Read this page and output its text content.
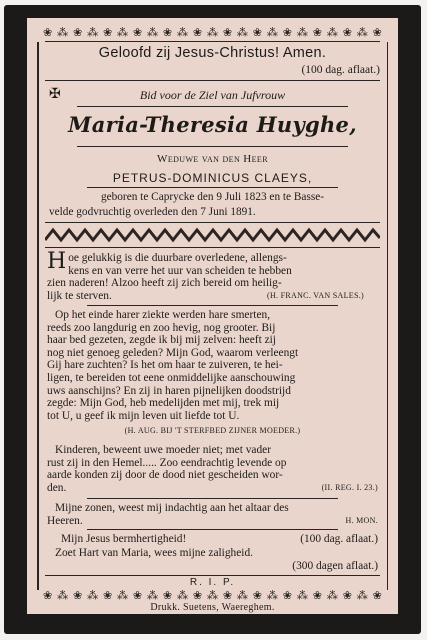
❀ ⁂ ❀ ⁂ ❀ ⁂ ❀ ⁂ ❀ ⁂ ❀ ⁂ ❀ ⁂ ❀ ⁂ ❀ ⁂ ❀ ⁂ ❀ ⁂ ❀
Geloofd zij Jesus-Christus! Amen.
(100 dag. aflaat.)
✠	Bid voor de Ziel van Jufvrouw
Maria-Theresia Huyghe,
Weduwe van den Heer
PETRUS-DOMINICUS CLAEYS,
geboren te Caprycke den 9 Juli 1823 en te Basse-
velde godvruchtig overleden den 7 Juni 1891.
H oe gelukkig is die duurbare overledene, allengs-
kens en van verre het uur van scheiden te hebben
zien naderen! Alzoo heeft zij zich bereid om heilig-
lijk te sterven.	(H. FRANC. VAN SALES.)
Op het einde harer ziekte werden hare smerten,
reeds zoo langdurig en zoo hevig, nog grooter. Bij
haar bed gezeten, zegde ik bij mij zelven: heeft zij
nog niet genoeg geleden? Mijn God, waarom verleengt
Gij hare zuchten? Is het om haar te zuiveren, te hei-
ligen, te bereiden tot eene onmiddelijke aanschouwing
uws aanschijns? En zij in haren pijnelijken doodstrijd
zegde: Mijn God, heb medelijden met mij, trek mij
tot U, u geef ik mijn leven uit liefde tot U.
(H. AUG. BIJ 'T STERFBED ZIJNER MOEDER.)
Kinderen, beweent uwe moeder niet; met vader
rust zij in den Hemel..... Zoo eendrachtig levende op
aarde konden zij door de dood niet gescheiden wor-
den.	(II. REG. I. 23.)
Mijne zonen, weest mij indachtig aan het altaar des
Heeren.	H. MON.
Mijn Jesus bermhertigheid!	(100 dag. aflaat.)
Zoet Hart van Maria, wees mijne zaligheid.
(300 dagen aflaat.)
R. I. P.
❀ ⁂ ❀ ⁂ ❀ ⁂ ❀ ⁂ ❀ ⁂ ❀ ⁂ ❀ ⁂ ❀ ⁂ ❀ ⁂ ❀ ⁂ ❀ ⁂ ❀
Drukk. Suetens, Waereghem.
